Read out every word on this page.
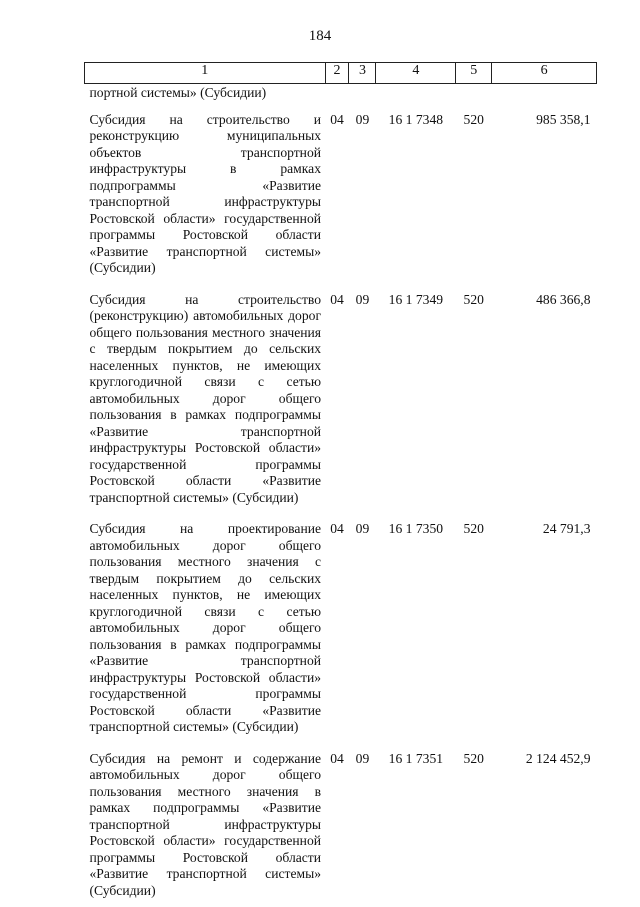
184
1	2	3	4	5	6
портной системы» (Субсидии)					
Субсидия на строительство и реконструкцию муниципальных объектов транспортной инфраструктуры в рамках подпрограммы «Развитие транспортной инфраструктуры Ростовской области» государственной программы Ростовской области «Развитие транспортной системы» (Субсидии)	04	09	16 1 7348	520	985 358,1
Субсидия на строительство (реконструкцию) автомобильных дорог общего пользования местного значения с твердым покрытием до сельских населенных пунктов, не имеющих круглогодичной связи с сетью автомобильных дорог общего пользования в рамках подпрограммы «Развитие транспортной инфраструктуры Ростовской области» государственной программы Ростовской области «Развитие транспортной системы» (Субсидии)	04	09	16 1 7349	520	486 366,8
Субсидия на проектирование автомобильных дорог общего пользования местного значения с твердым покрытием до сельских населенных пунктов, не имеющих круглогодичной связи с сетью автомобильных дорог общего пользования в рамках подпрограммы «Развитие транспортной инфраструктуры Ростовской области» государственной программы Ростовской области «Развитие транспортной системы» (Субсидии)	04	09	16 1 7350	520	24 791,3
Субсидия на ремонт и содержание автомобильных дорог общего пользования местного значения в рамках подпрограммы «Развитие транспортной инфраструктуры Ростовской области» государственной программы Ростовской области «Развитие транспортной системы» (Субсидии)	04	09	16 1 7351	520	2 124 452,9
